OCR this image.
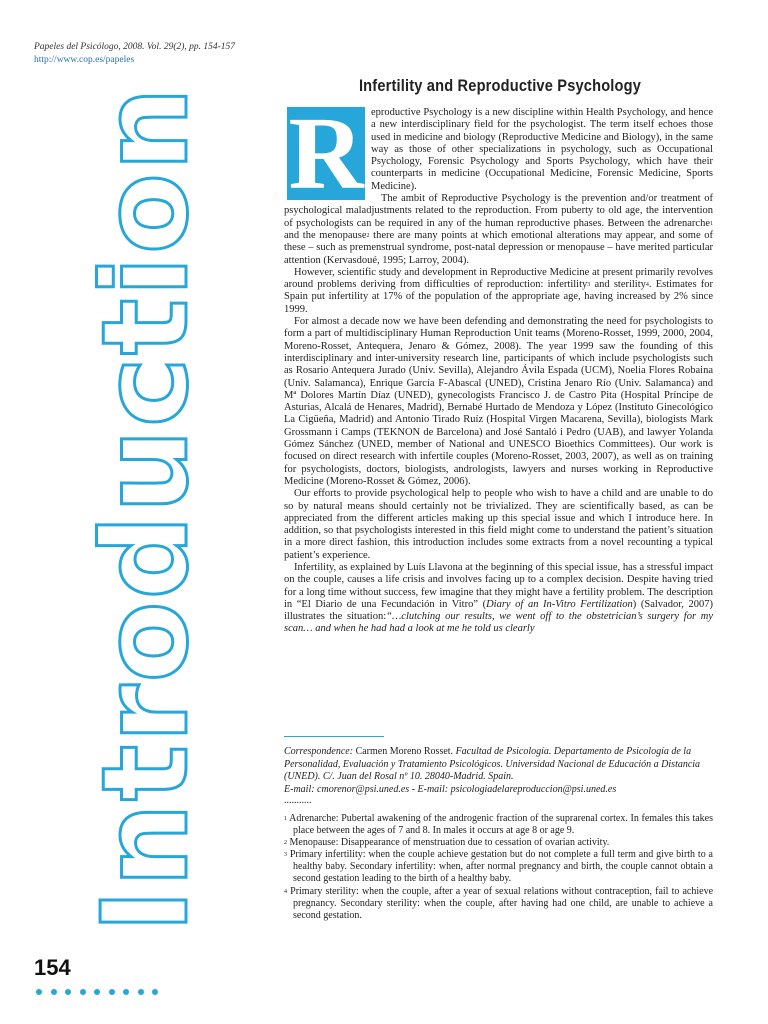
Papeles del Psicólogo, 2008. Vol. 29(2), pp. 154-157
http://www.cop.es/papeles
Infertility and Reproductive Psychology
Introduction R eproductive Psychology is a new discipline within Health Psychology, and hence a new interdisciplinary field for the psychologist. The term itself echoes those used in medicine and biology (Reproductive Medicine and Biology), in the same way as those of other specializations in psychology, such as Occupational Psychology, Forensic Psychology and Sports Psychology, which have their counterparts in medicine (Occupational Medicine, Forensic Medicine, Sports Medicine).

The ambit of Reproductive Psychology is the prevention and/or treatment of psychological maladjustments related to the reproduction. From puberty to old age, the intervention of psychologists can be required in any of the human reproductive phases. Between the adrenarche$^1$ and the menopause$^2$ there are many points at which emotional alterations may appear, and some of these – such as premenstrual syndrome, post-natal depression or menopause – have merited particular attention (Kervasdoué, 1995; Larroy, 2004).

However, scientific study and development in Reproductive Medicine at present primarily revolves around problems deriving from difficulties of reproduction: infertility$^3$ and sterility$^4$. Estimates for Spain put infertility at 17% of the population of the appropriate age, having increased by 2% since 1999.

For almost a decade now we have been defending and demonstrating the need for psychologists to form a part of multidisciplinary Human Reproduction Unit teams (Moreno-Rosset, 1999, 2000, 2004, Moreno-Rosset, Antequera, Jenaro & Gómez, 2008). The year 1999 saw the founding of this interdisciplinary and inter-university research line, participants of which include psychologists such as Rosario Antequera Jurado (Univ. Sevilla), Alejandro Ávila Espada (UCM), Noelia Flores Robaina (Univ. Salamanca), Enrique García F-Abascal (UNED), Cristina Jenaro Río (Univ. Salamanca) and Mª Dolores Martín Díaz (UNED), gynecologists Francisco J. de Castro Pita (Hospital Príncipe de Asturias, Alcalá de Henares, Madrid), Bernabé Hurtado de Mendoza y López (Instituto Ginecológico La Cigüeña, Madrid) and Antonio Tirado Ruíz (Hospital Virgen Macarena, Sevilla), biologists Mark Grossmann i Camps (TEKNON de Barcelona) and José Santaló i Pedro (UAB), and lawyer Yolanda Gómez Sánchez (UNED, member of National and UNESCO Bioethics Committees). Our work is focused on direct research with infertile couples (Moreno-Rosset, 2003, 2007), as well as on training for psychologists, doctors, biologists, andrologists, lawyers and nurses working in Reproductive Medicine (Moreno-Rosset & Gómez, 2006).

Our efforts to provide psychological help to people who wish to have a child and are unable to do so by natural means should certainly not be trivialized. They are scientifically based, as can be appreciated from the different articles making up this special issue and which I introduce here. In addition, so that psychologists interested in this field might come to understand the patient’s situation in a more direct fashion, this introduction includes some extracts from a novel recounting a typical patient’s experience.

Infertility, as explained by Luís Llavona at the beginning of this special issue, has a stressful impact on the couple, causes a life crisis and involves facing up to a complex decision. Despite having tried for a long time without success, few imagine that they might have a fertility problem. The description in “El Diario de una Fecundación in Vitro” (Diary of an In-Vitro Fertilization) (Salvador, 2007) illustrates the situation:“…clutching our results, we went off to the obstetrician’s surgery for my scan… and when he had had a look at me he told us clearly

Correspondence: Carmen Moreno Rosset. Facultad de Psicología. Departamento de Psicología de la Personalidad, Evaluación y Tratamiento Psicológicos. Universidad Nacional de Educación a Distancia (UNED). C/. Juan del Rosal nº 10. 28040-Madrid. Spain.
E-mail: cmorenor@psi.uned.es - E-mail: psicologiadelareproduccion@psi.uned.es
...........
$^1$ Adrenarche: Pubertal awakening of the androgenic fraction of the suprarenal cortex. In females this takes place between the ages of 7 and 8. In males it occurs at age 8 or age 9.
$^2$ Menopause: Disappearance of menstruation due to cessation of ovarian activity.
$^3$ Primary infertility: when the couple achieve gestation but do not complete a full term and give birth to a healthy baby. Secondary infertility: when, after normal pregnancy and birth, the couple cannot obtain a second gestation leading to the birth of a healthy baby.
$^4$ Primary sterility: when the couple, after a year of sexual relations without contraception, fail to achieve pregnancy. Secondary sterility: when the couple, after having had one child, are unable to achieve a second gestation.
154
